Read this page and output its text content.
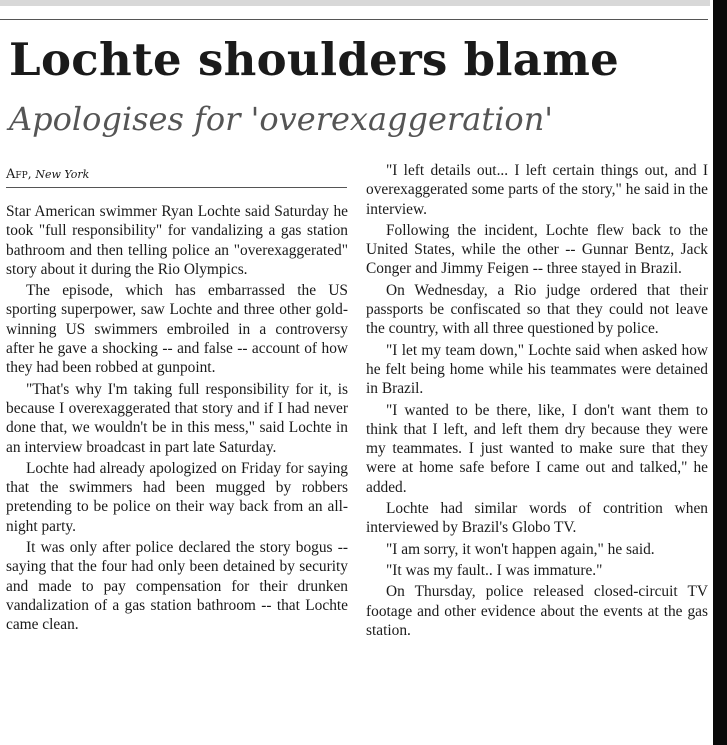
Lochte shoulders blame
Apologises for 'overexaggeration'
Afp, New York

Star American swimmer Ryan Lochte said Saturday he took "full responsibility" for vandalizing a gas station bathroom and then telling police an "overexaggerated" story about it during the Rio Olympics.

The episode, which has embarrassed the US sporting superpower, saw Lochte and three other gold-winning US swimmers embroiled in a controversy after he gave a shocking -- and false -- account of how they had been robbed at gunpoint.

"That's why I'm taking full responsibility for it, is because I overexaggerated that story and if I had never done that, we wouldn't be in this mess," said Lochte in an interview broadcast in part late Saturday.

Lochte had already apologized on Friday for saying that the swimmers had been mugged by robbers pretending to be police on their way back from an all-night party.

It was only after police declared the story bogus -- saying that the four had only been detained by security and made to pay compensation for their drunken vandalization of a gas station bathroom -- that Lochte came clean.

"I left details out... I left certain things out, and I overexaggerated some parts of the story," he said in the interview.

Following the incident, Lochte flew back to the United States, while the other -- Gunnar Bentz, Jack Conger and Jimmy Feigen -- three stayed in Brazil.

On Wednesday, a Rio judge ordered that their passports be confiscated so that they could not leave the country, with all three questioned by police.

"I let my team down," Lochte said when asked how he felt being home while his teammates were detained in Brazil.

"I wanted to be there, like, I don't want them to think that I left, and left them dry because they were my teammates. I just wanted to make sure that they were at home safe before I came out and talked," he added.

Lochte had similar words of contrition when interviewed by Brazil's Globo TV.

"I am sorry, it won't happen again," he said.

"It was my fault.. I was immature."

On Thursday, police released closed-circuit TV footage and other evidence about the events at the gas station.
